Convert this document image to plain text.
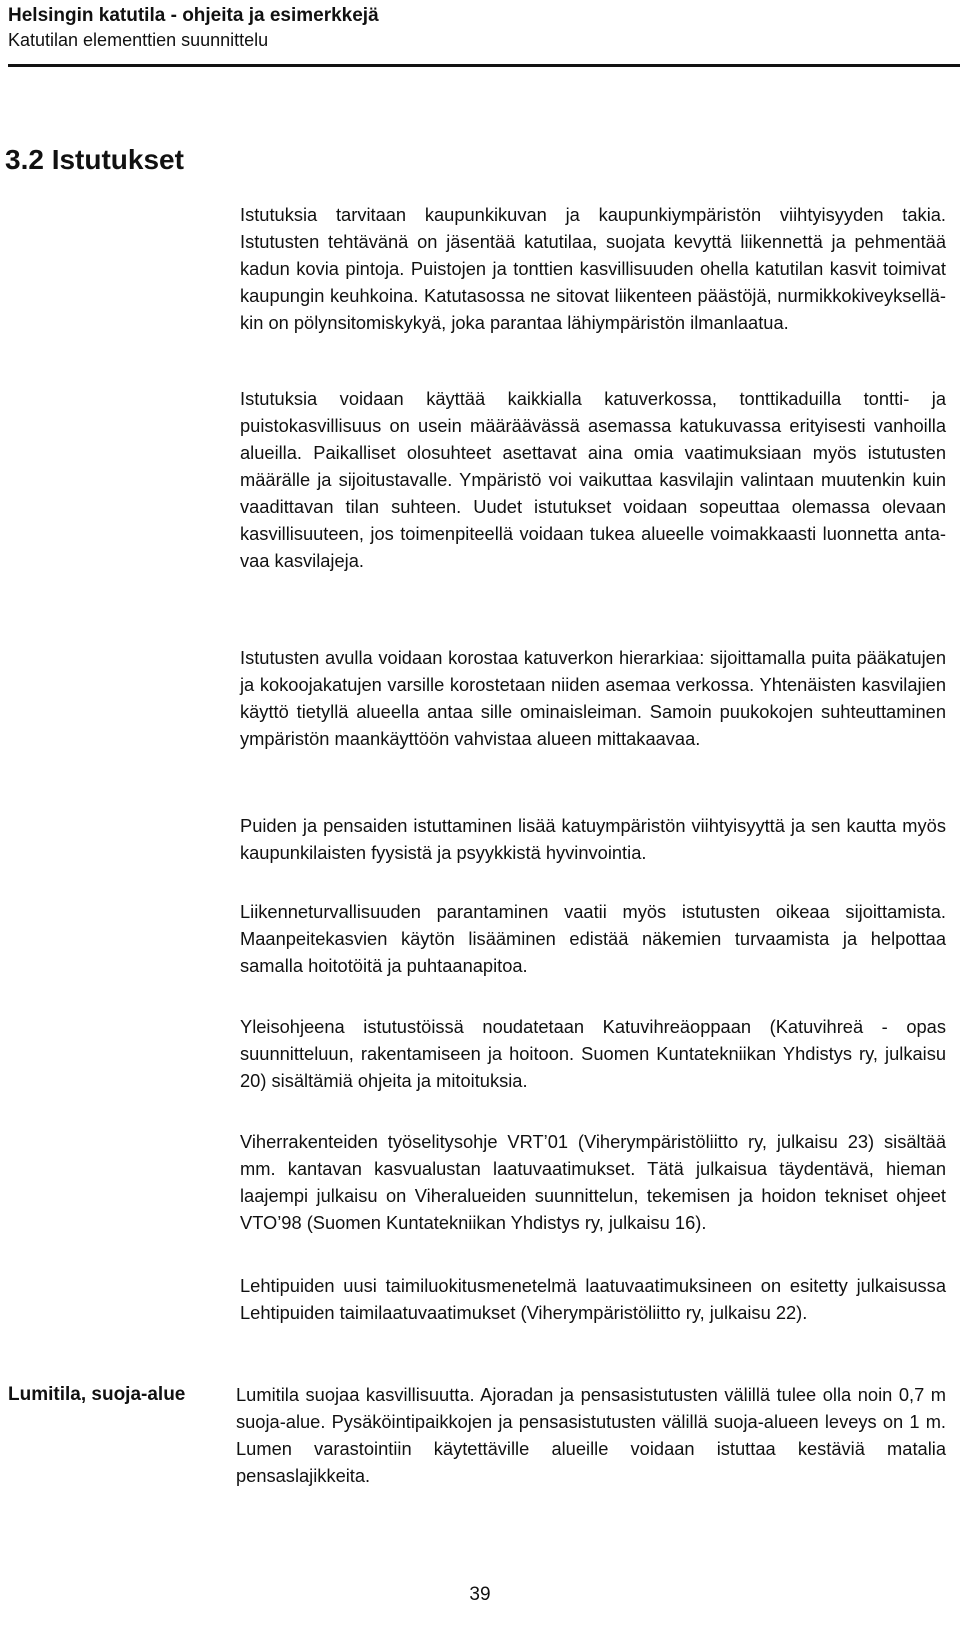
Helsingin katutila - ohjeita ja esimerkkejä

Katutilan elementtien suunnittelu

3.2 Istutukset

Istutuksia tarvitaan kaupunkikuvan ja kaupunkiympäristön viihtyisyyden takia. Istutusten tehtävänä on jäsentää katutilaa, suojata kevyttä liikennettä ja pehmentää kadun kovia pintoja. Puistojen ja tonttien kasvillisuuden ohella katutilan kasvit toimivat kaupungin keuhkoina. Katutasossa ne sitovat liikenteen päästöjä, nurmikkokiveykselläkin on pölynsitomiskykyä, joka parantaa lähiympäristön ilmanlaatua.

Istutuksia voidaan käyttää kaikkialla katuverkossa, tonttikaduilla tontti- ja puistokasvillisuus on usein määräävässä asemassa katukuvassa erityisesti vanhoilla alueilla. Paikalliset olosuhteet asettavat aina omia vaatimuksiaan myös istutusten määrälle ja sijoitustavalle. Ympäristö voi vaikuttaa kasvilajin valintaan muutenkin kuin vaadittavan tilan suhteen. Uudet istutukset voidaan sopeuttaa olemassa olevaan kasvillisuuteen, jos toimenpiteellä voidaan tukea alueelle voimakkaasti luonnetta antavaa kasvilajeja.

Istutusten avulla voidaan korostaa katuverkon hierarkiaa: sijoittamalla puita pääkatujen ja kokoojakatujen varsille korostetaan niiden asemaa verkossa. Yhtenäisten kasvilajien käyttö tietyllä alueella antaa sille ominaisleiman. Samoin puukokojen suhteuttaminen ympäristön maankäyttöön vahvistaa alueen mittakaavaa.

Puiden ja pensaiden istuttaminen lisää katuympäristön viihtyisyyttä ja sen kautta myös kaupunkilaisten fyysistä ja psyykkistä hyvinvointia.

Liikenneturvallisuuden parantaminen vaatii myös istutusten oikeaa sijoittamista. Maanpeitekasvien käytön lisääminen edistää näkemien turvaamista ja helpottaa samalla hoitotöitä ja puhtaanapitoa.

Yleisohjeena istutustöissä noudatetaan Katuvihreäoppaan (Katuvihreä - opas suunnitteluun, rakentamiseen ja hoitoon. Suomen Kuntatekniikan Yhdistys ry, julkaisu 20) sisältämiä ohjeita ja mitoituksia.

Viherrakenteiden työselitysohje VRT’01 (Viherympäristöliitto ry, julkaisu 23) sisältää mm. kantavan kasvualustan laatuvaatimukset. Tätä julkaisua täydentävä, hieman laajempi julkaisu on Viheralueiden suunnittelun, tekemisen ja hoidon tekniset ohjeet VTO’98 (Suomen Kuntatekniikan Yhdistys ry, julkaisu 16).

Lehtipuiden uusi taimiluokitusmenetelmä laatuvaatimuksineen on esitetty julkaisussa Lehtipuiden taimilaatuvaatimukset (Viherympäristöliitto ry, julkaisu 22).

Lumitila, suoja-alue	Lumitila suojaa kasvillisuutta. Ajoradan ja pensasistutusten välillä tulee olla noin 0,7 m suoja-alue. Pysäköintipaikkojen ja pensasistutusten välillä suoja-alueen leveys on 1 m. Lumen varastointiin käytettäville alueille voidaan istuttaa kestäviä matalia pensaslajikkeita.

39
